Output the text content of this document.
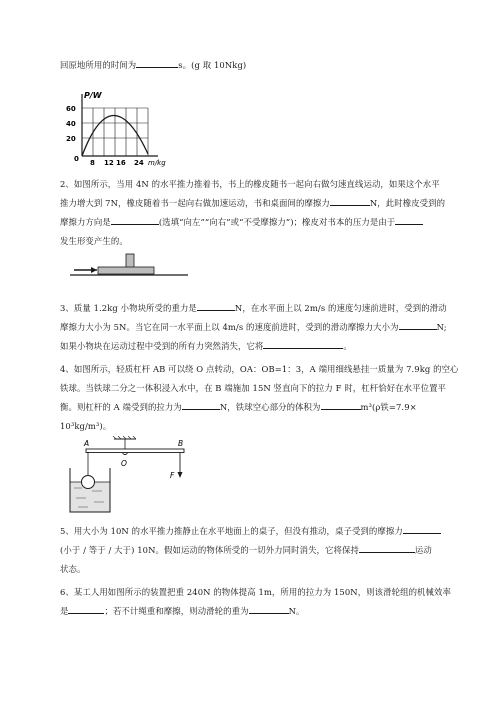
回原地所用的时间为	s。(g 取 10Nkg)
P/W
m/kg
60
40
20
0 8 12 16 24
2、如图所示，当用 4N 的水平推力推着书，书上的橡皮随书一起向右做匀速直线运动，如果这个水平
推力增大到 7N，橡皮随着书一起向右做加速运动，书和桌面间的摩擦力	N，此时橡皮受到的
摩擦力方向是	(选填“向左”“向右”或“不受摩擦力”)；橡皮对书本的压力是由于
发生形变产生的。
3、质量 1.2kg 小物块所受的重力是	N，在水平面上以 2m/s 的速度匀速前进时，受到的滑动
摩擦力大小为 5N。当它在同一水平面上以 4m/s 的速度前进时，受到的滑动摩擦力大小为	N;
如果小物块在运动过程中受到的所有力突然消失，它将	。
4、如图所示，轻质杠杆 AB 可以绕 O 点转动，OA：OB=1：3，A 端用细线悬挂一质量为 7.9kg 的空心
铁球。当铁球二分之一体积浸入水中，在 B 端施加 15N 竖直向下的拉力 F 时，杠杆恰好在水平位置平
衡。则杠杆的 A 端受到的拉力为	N，铁球空心部分的体积为	m³(ρ铁=7.9×
10³kg/m³)。
A	B
O
F
5、用大小为 10N 的水平推力推静止在水平地面上的桌子，但没有推动，桌子受到的摩擦力
(小于 / 等于 / 大于) 10N。假如运动的物体所受的一切外力同时消失，它将保持	运动
状态。
6、某工人用如图所示的装置把重 240N 的物体提高 1m，所用的拉力为 150N，则该滑轮组的机械效率
是	；若不计绳重和摩擦，则动滑轮的重为	N。
